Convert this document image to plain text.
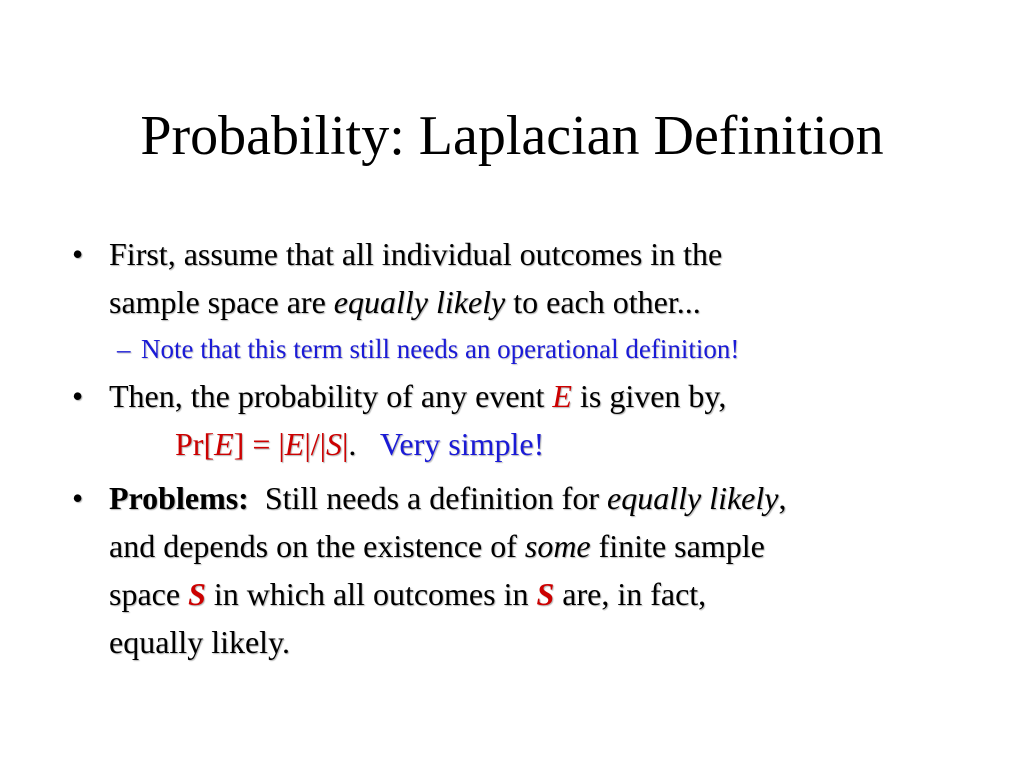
Probability: Laplacian Definition
• First, assume that all individual outcomes in the
sample space are equally likely to each other...
– Note that this term still needs an operational definition!
• Then, the probability of any event E is given by,
Pr[E] = |E|/|S|. Very simple!
• Problems:  Still needs a definition for equally likely,
and depends on the existence of some finite sample
space S in which all outcomes in S are, in fact,
equally likely.
